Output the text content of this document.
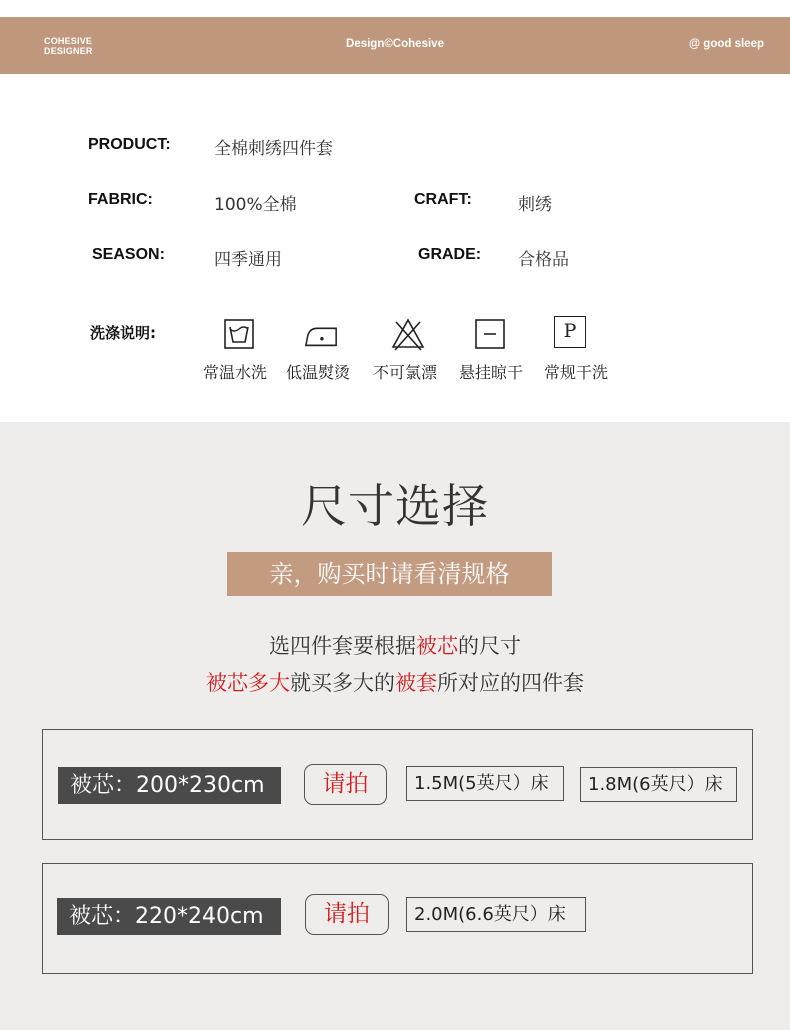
COHESIVE
DESIGNER
Design©Cohesive	@ good sleep
PRODUCT:	全棉刺绣四件套
FABRIC:	100%全棉	CRAFT:	刺绣
SEASON:	四季通用	GRADE: 合格品
洗涤说明:	P
常温水洗 低温熨烫 不可氯漂 悬挂晾干 常规干洗
尺寸选择
亲，购买时请看清规格
选四件套要根据被芯的尺寸
被芯多大就买多大的被套所对应的四件套
被芯：200*230cm	请拍	1.5M(5英尺）床	1.8M(6英尺）床
被芯：220*240cm	请拍	2.0M(6.6英尺）床
